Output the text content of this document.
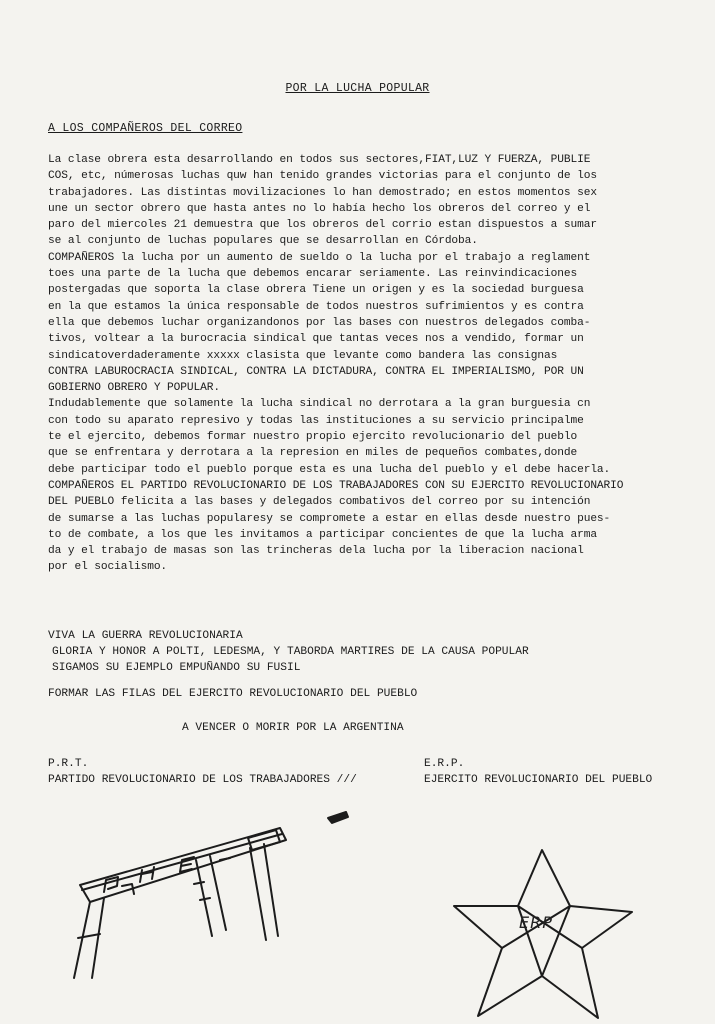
POR LA LUCHA POPULAR
A LOS COMPAÑEROS DEL CORREO
La clase obrera esta desarrollando en todos sus sectores,FIAT,LUZ Y FUERZA, PUBLIE
COS, etc, númerosas luchas quw han tenido grandes victorias para el conjunto de los
trabajadores. Las distintas movilizaciones lo han demostrado; en estos momentos sex
une un sector obrero que hasta antes no lo había hecho los obreros del correo y el
paro del miercoles 21 demuestra que los obreros del corrio estan dispuestos a sumar
se al conjunto de luchas populares que se desarrollan en Córdoba.
COMPAÑEROS la lucha por un aumento de sueldo o la lucha por el trabajo a reglament
toes una parte de la lucha que debemos encarar seriamente. Las reinvindicaciones
postergadas que soporta la clase obrera Tiene un origen y es la sociedad burguesa
en la que estamos la única responsable de todos nuestros sufrimientos y es contra
ella que debemos luchar organizandonos por las bases con nuestros delegados comba-
tivos, voltear a la burocracia sindical que tantas veces nos a vendido, formar un
sindicatoverdaderamente xxxxx clasista que levante como bandera las consignas
CONTRA LABUROCRACIA SINDICAL, CONTRA LA DICTADURA, CONTRA EL IMPERIALISMO, POR UN
GOBIERNO OBRERO Y POPULAR.
Indudablemente que solamente la lucha sindical no derrotara a la gran burguesia cn
con todo su aparato represivo y todas las instituciones a su servicio principalme
te el ejercito, debemos formar nuestro propio ejercito revolucionario del pueblo
que se enfrentara y derrotara a la represion en miles de pequeños combates,donde
debe participar todo el pueblo porque esta es una lucha del pueblo y el debe hacerla.
COMPAÑEROS EL PARTIDO REVOLUCIONARIO DE LOS TRABAJADORES CON SU EJERCITO REVOLUCIONARIO
DEL PUEBLO felicita a las bases y delegados combativos del correo por su intención
de sumarse a las luchas popularesy se compromete a estar en ellas desde nuestro pues-
to de combate, a los que les invitamos a participar concientes de que la lucha arma
da y el trabajo de masas son las trincheras dela lucha por la liberacion nacional
por el socialismo.
VIVA LA GUERRA REVOLUCIONARIA
GLORIA Y HONOR A POLTI, LEDESMA, Y TABORDA MARTIRES DE LA CAUSA POPULAR
SIGAMOS SU EJEMPLO EMPUÑANDO SU FUSIL
FORMAR LAS FILAS DEL EJERCITO REVOLUCIONARIO DEL PUEBLO
A VENCER O MORIR POR LA ARGENTINA
P.R.T.
PARTIDO REVOLUCIONARIO DE LOS TRABAJADORES ///
E.R.P.
EJERCITO REVOLUCIONARIO DEL PUEBLO
ERP
